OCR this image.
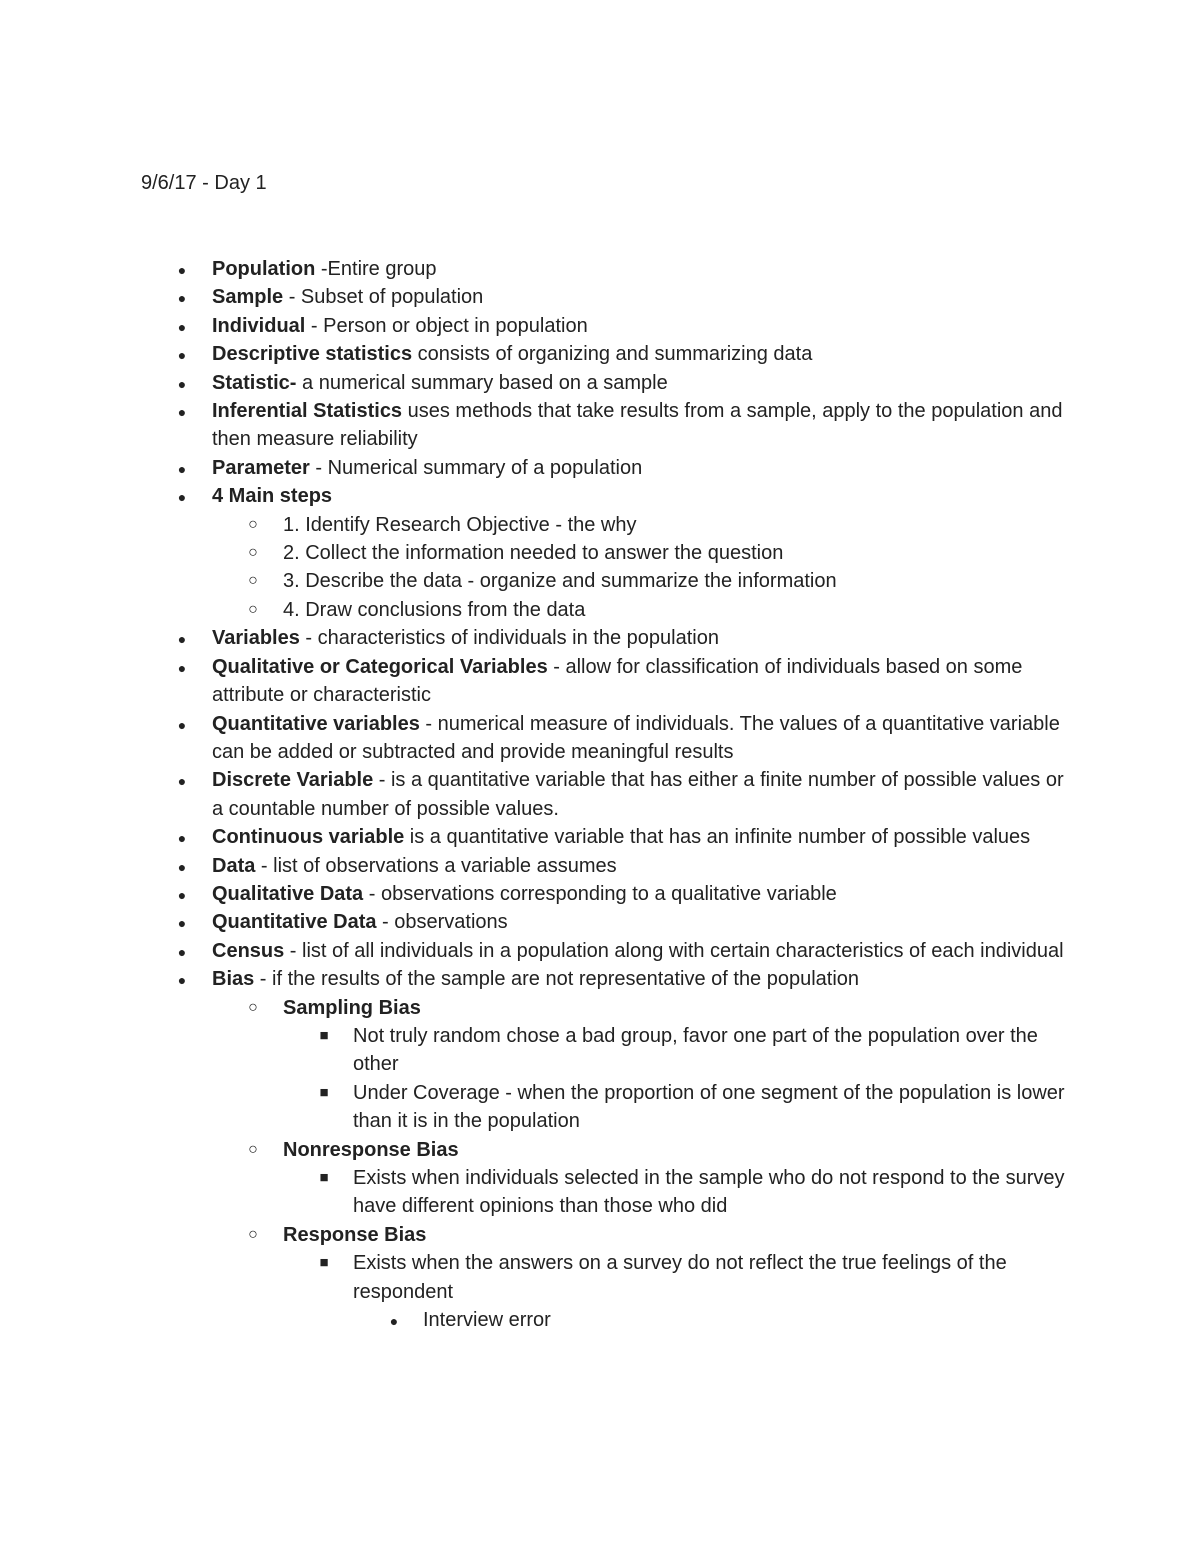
9/6/17 - Day 1
● Population -Entire group
● Sample - Subset of population
● Individual - Person or object in population
● Descriptive statistics consists of organizing and summarizing data
● Statistic- a numerical summary based on a sample
● Inferential Statistics uses methods that take results from a sample, apply to the population and then measure reliability
● Parameter - Numerical summary of a population
● 4 Main steps
○ 1. Identify Research Objective - the why
○ 2. Collect the information needed to answer the question
○ 3. Describe the data - organize and summarize the information
○ 4. Draw conclusions from the data
● Variables - characteristics of individuals in the population
● Qualitative or Categorical Variables - allow for classification of individuals based on some attribute or characteristic
● Quantitative variables - numerical measure of individuals. The values of a quantitative variable can be added or subtracted and provide meaningful results
● Discrete Variable - is a quantitative variable that has either a finite number of possible values or a countable number of possible values.
● Continuous variable is a quantitative variable that has an infinite number of possible values
● Data - list of observations a variable assumes
● Qualitative Data - observations corresponding to a qualitative variable
● Quantitative Data - observations
● Census - list of all individuals in a population along with certain characteristics of each individual
● Bias - if the results of the sample are not representative of the population
○ Sampling Bias
■ Not truly random chose a bad group, favor one part of the population over the other
■ Under Coverage - when the proportion of one segment of the population is lower than it is in the population
○ Nonresponse Bias
■ Exists when individuals selected in the sample who do not respond to the survey have different opinions than those who did
○ Response Bias
■ Exists when the answers on a survey do not reflect the true feelings of the respondent
● Interview error
